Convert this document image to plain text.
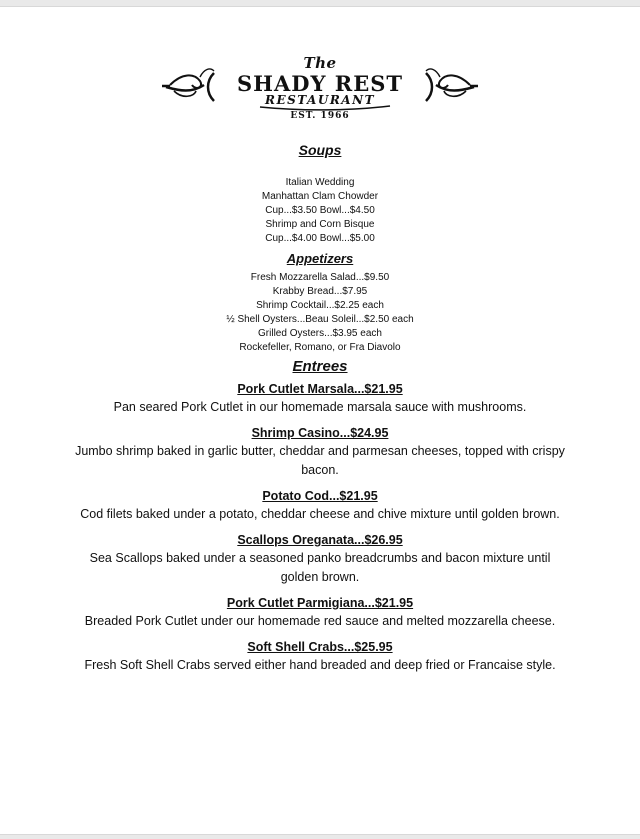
The
SHADY REST
RESTAURANT
EST. 1966
Soups

Italian Wedding

Manhattan Clam Chowder

Cup...$3.50 Bowl...$4.50

Shrimp and Corn Bisque

Cup...$4.00 Bowl...$5.00

Appetizers

Fresh Mozzarella Salad...$9.50

Krabby Bread...$7.95

Shrimp Cocktail...$2.25 each

½ Shell Oysters...Beau Soleil...$2.50 each

Grilled Oysters...$3.95 each

Rockefeller, Romano, or Fra Diavolo

Entrees

Pork Cutlet Marsala...$21.95

Pan seared Pork Cutlet in our homemade marsala sauce with mushrooms.

Shrimp Casino...$24.95

Jumbo shrimp baked in garlic butter, cheddar and parmesan cheeses, topped with crispy bacon.

Potato Cod...$21.95

Cod filets baked under a potato, cheddar cheese and chive mixture until golden brown.

Scallops Oreganata...$26.95

Sea Scallops baked under a seasoned panko breadcrumbs and bacon mixture until golden brown.

Pork Cutlet Parmigiana...$21.95

Breaded Pork Cutlet under our homemade red sauce and melted mozzarella cheese.

Soft Shell Crabs...$25.95

Fresh Soft Shell Crabs served either hand breaded and deep fried or Francaise style.
